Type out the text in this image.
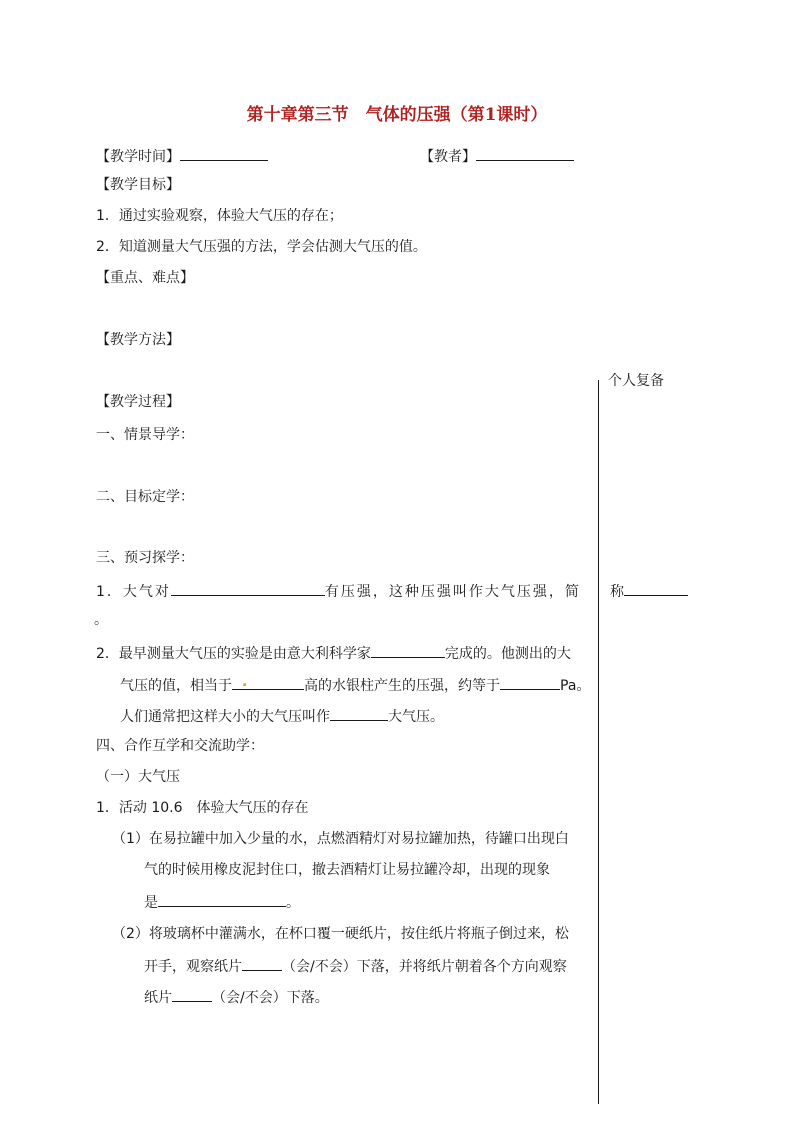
第十章第三节　气体的压强（第1课时）
【教学时间】	【教者】
【教学目标】
1．通过实验观察，体验大气压的存在；
2．知道测量大气压强的方法，学会估测大气压的值。
【重点、难点】
【教学方法】
个人复备
【教学过程】
一、情景导学：
二、目标定学：
三、预习探学：
1．大气对	有压强，这种压强叫作大气压强，简 称
。
2．最早测量大气压的实验是由意大利科学家	完成的。他测出的大
气压的值，相当于 .	高的水银柱产生的压强，约等于	Pa。
人们通常把这样大小的大气压叫作	大气压。
四、合作互学和交流助学：
（一）大气压
1．活动 10.6　体验大气压的存在
（1）在易拉罐中加入少量的水，点燃酒精灯对易拉罐加热，待罐口出现白
气的时候用橡皮泥封住口，撤去酒精灯让易拉罐冷却，出现的现象
是	。
（2）将玻璃杯中灌满水，在杯口覆一硬纸片，按住纸片将瓶子倒过来，松
开手，观察纸片	（会/不会）下落，并将纸片朝着各个方向观察
纸片	（会/不会）下落。
